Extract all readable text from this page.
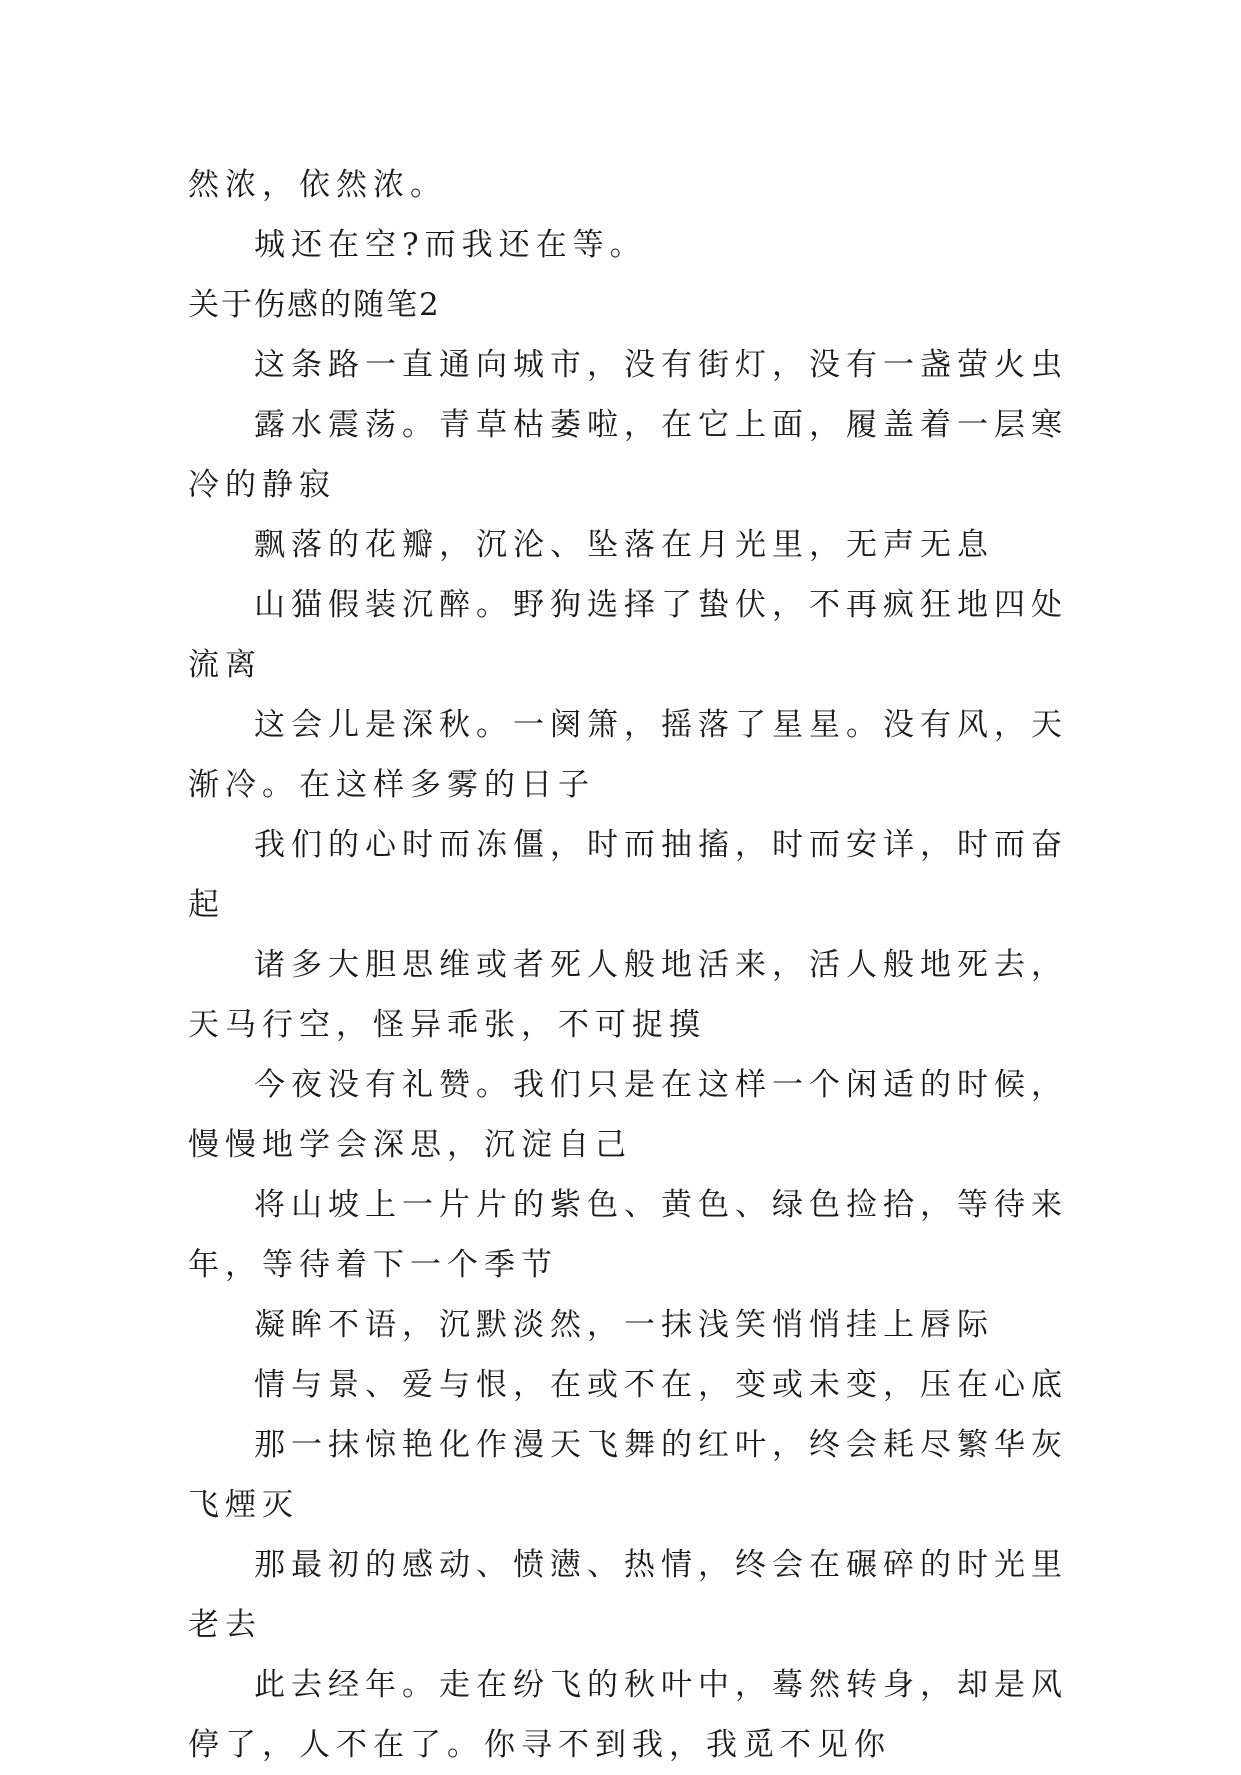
然浓，依然浓。

城还在空?而我还在等。

关于伤感的随笔2

这条路一直通向城市，没有街灯，没有一盏萤火虫

露水震荡。青草枯萎啦，在它上面，履盖着一层寒冷的静寂

飘落的花瓣，沉沦、坠落在月光里，无声无息

山猫假装沉醉。野狗选择了蛰伏，不再疯狂地四处流离

这会儿是深秋。一阕箫，摇落了星星。没有风，天渐冷。在这样多雾的日子

我们的心时而冻僵，时而抽搐，时而安详，时而奋起

诸多大胆思维或者死人般地活来，活人般地死去，天马行空，怪异乖张，不可捉摸

今夜没有礼赞。我们只是在这样一个闲适的时候，慢慢地学会深思，沉淀自己

将山坡上一片片的紫色、黄色、绿色捡拾，等待来年，等待着下一个季节

凝眸不语，沉默淡然，一抹浅笑悄悄挂上唇际

情与景、爱与恨，在或不在，变或未变，压在心底

那一抹惊艳化作漫天飞舞的红叶，终会耗尽繁华灰飞煙灭

那最初的感动、愤懑、热情，终会在碾碎的时光里老去

此去经年。走在纷飞的秋叶中，蓦然转身，却是风停了，人不在了。你寻不到我，我觅不见你
